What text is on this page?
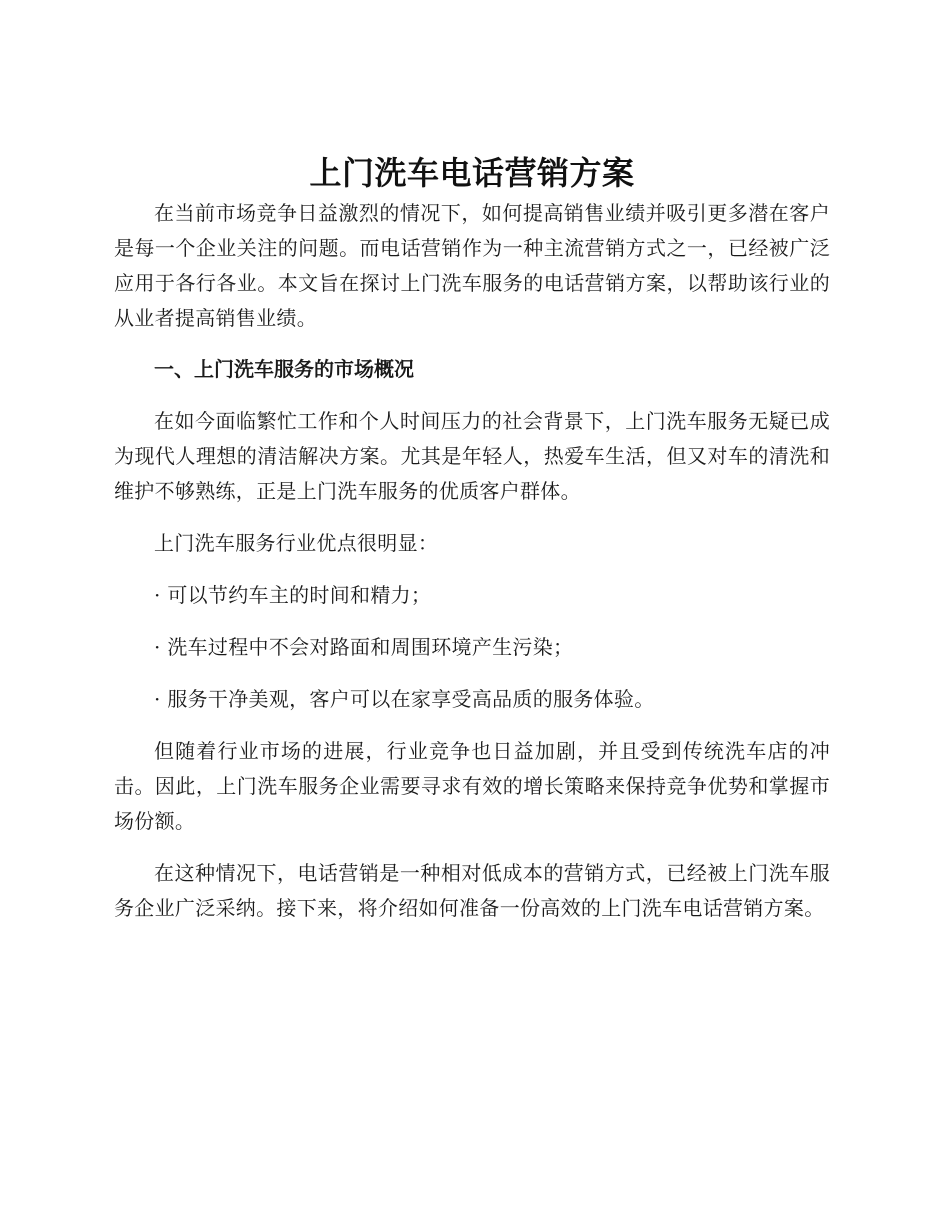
上门洗车电话营销方案

在当前市场竞争日益激烈的情况下，如何提高销售业绩并吸引更多潜在客户是每一个企业关注的问题。而电话营销作为一种主流营销方式之一，已经被广泛应用于各行各业。本文旨在探讨上门洗车服务的电话营销方案，以帮助该行业的从业者提高销售业绩。

一、上门洗车服务的市场概况

在如今面临繁忙工作和个人时间压力的社会背景下，上门洗车服务无疑已成为现代人理想的清洁解决方案。尤其是年轻人，热爱车生活，但又对车的清洗和维护不够熟练，正是上门洗车服务的优质客户群体。

上门洗车服务行业优点很明显：

· 可以节约车主的时间和精力；

· 洗车过程中不会对路面和周围环境产生污染；

· 服务干净美观，客户可以在家享受高品质的服务体验。

但随着行业市场的进展，行业竞争也日益加剧，并且受到传统洗车店的冲击。因此，上门洗车服务企业需要寻求有效的增长策略来保持竞争优势和掌握市场份额。

在这种情况下，电话营销是一种相对低成本的营销方式，已经被上门洗车服务企业广泛采纳。接下来，将介绍如何准备一份高效的上门洗车电话营销方案。
